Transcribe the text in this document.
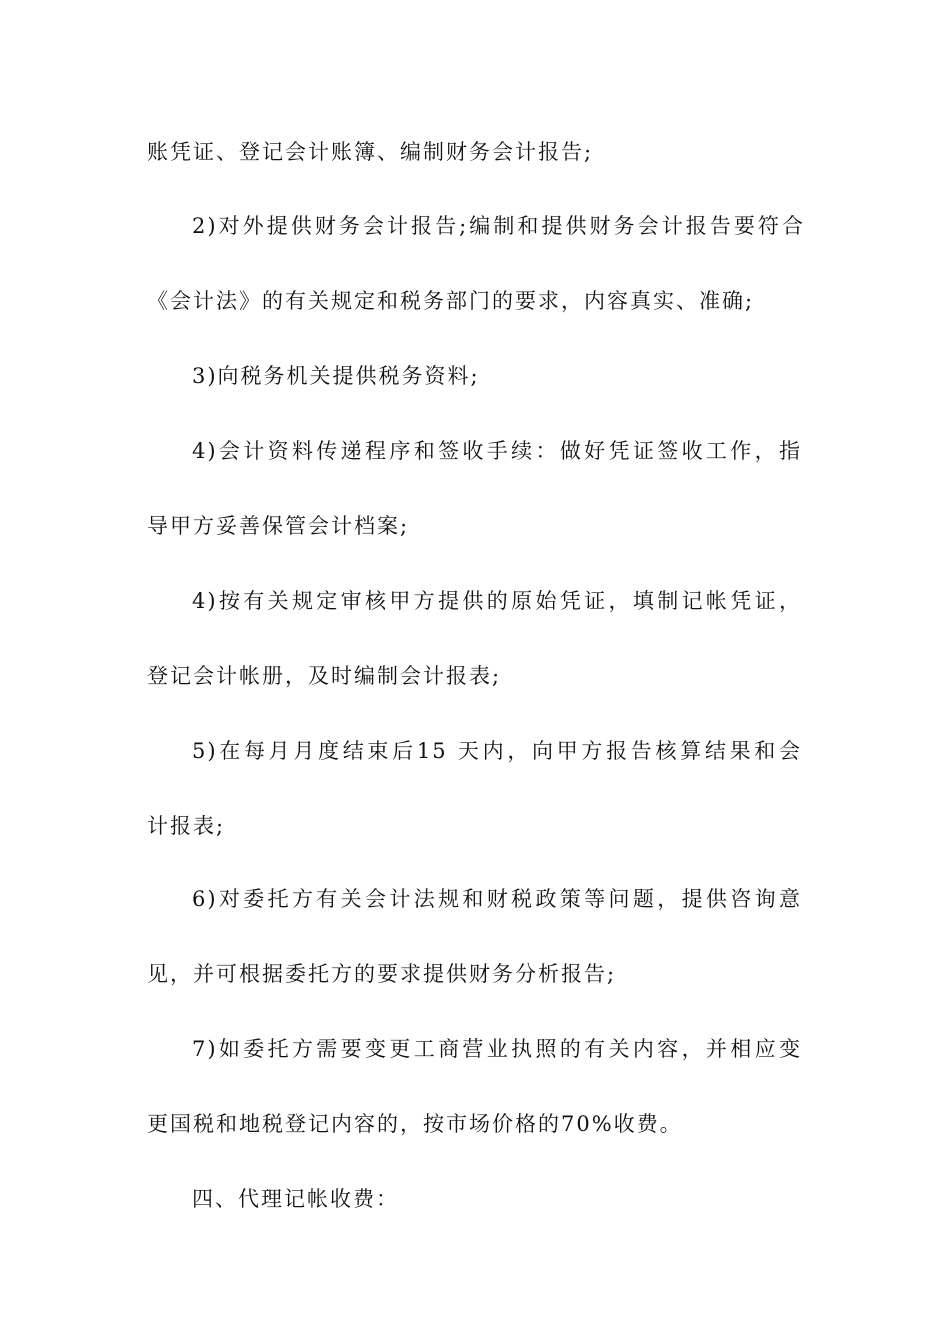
账凭证、登记会计账簿、编制财务会计报告;
2)对外提供财务会计报告;编制和提供财务会计报告要符合
《会计法》的有关规定和税务部门的要求，内容真实、准确;
3)向税务机关提供税务资料;
4)会计资料传递程序和签收手续：做好凭证签收工作，指
导甲方妥善保管会计档案;
4)按有关规定审核甲方提供的原始凭证，填制记帐凭证，
登记会计帐册，及时编制会计报表;
5)在每月月度结束后15 天内，向甲方报告核算结果和会
计报表;
6)对委托方有关会计法规和财税政策等问题，提供咨询意
见，并可根据委托方的要求提供财务分析报告;
7)如委托方需要变更工商营业执照的有关内容，并相应变
更国税和地税登记内容的，按市场价格的70%收费。
四、代理记帐收费：
